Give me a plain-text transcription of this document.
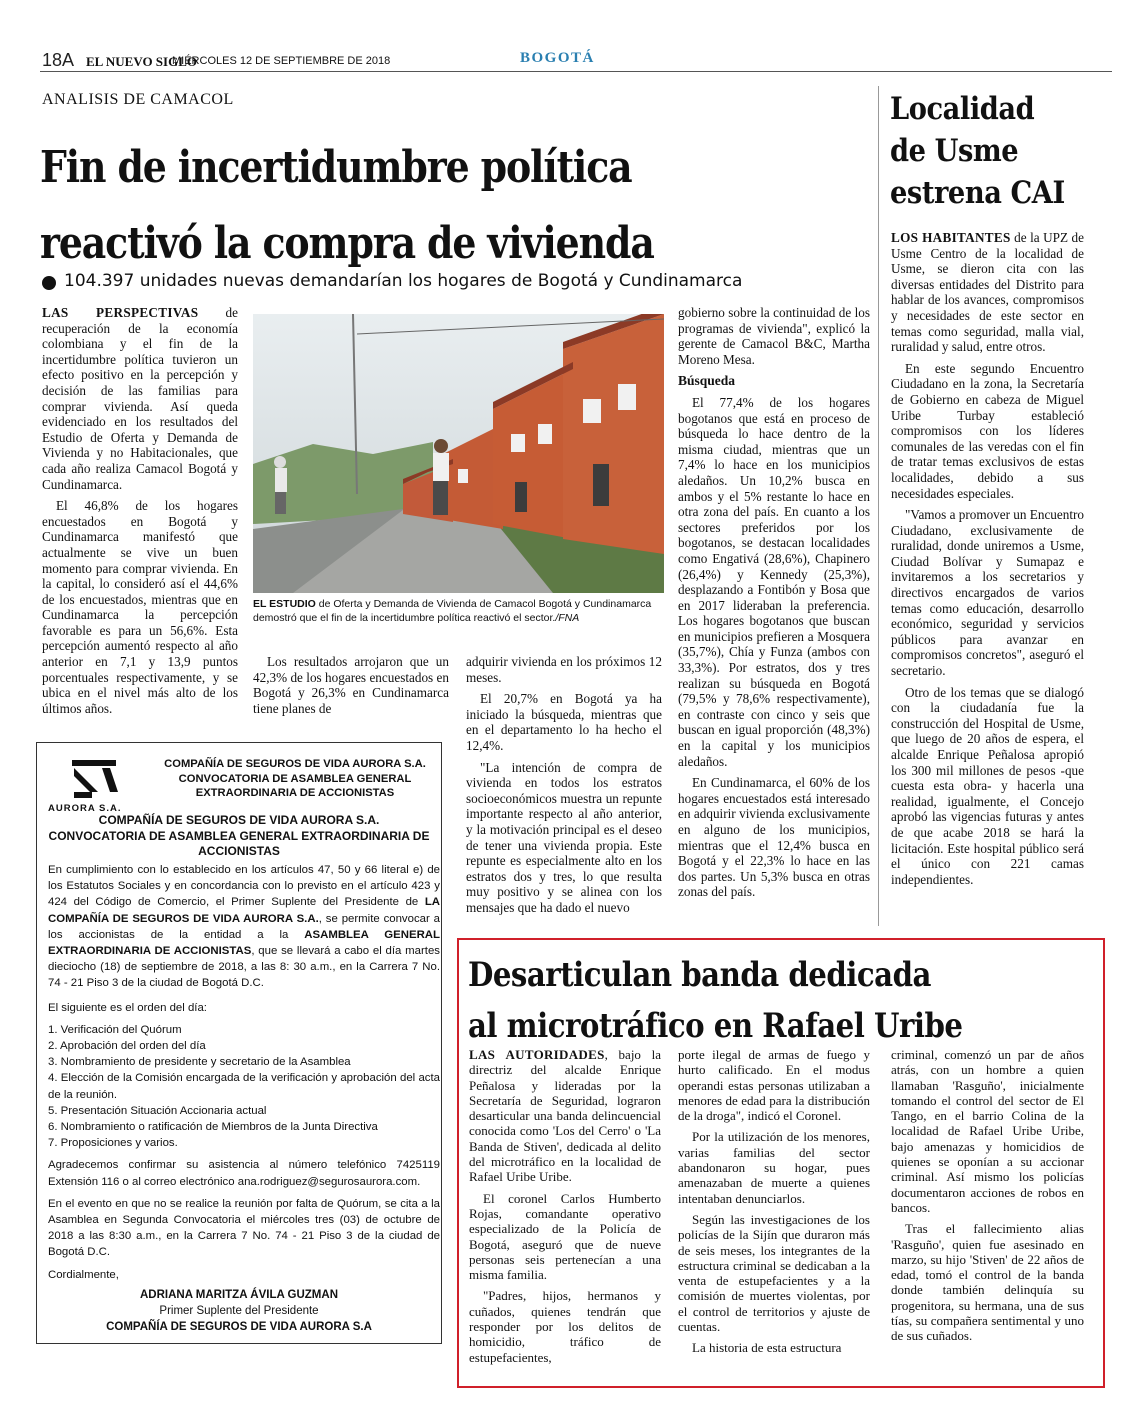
18A EL NUEVO SIGLO
MIÉRCOLES 12 DE SEPTIEMBRE DE 2018	BOGOTÁ
ANALISIS DE CAMACOL
Fin de incertidumbre política
reactivó la compra de vivienda
104.397 unidades nuevas demandarían los hogares de Bogotá y Cundinamarca

LAS PERSPECTIVAS de recuperación de la economía colombiana y el fin de la incertidumbre política tuvieron un efecto positivo en la percepción y decisión de las familias para comprar vivienda. Así queda evidenciado en los resultados del Estudio de Oferta y Demanda de Vivienda y no Habitacionales, que cada año realiza Camacol Bogotá y Cundinamarca.

El 46,8% de los hogares encuestados en Bogotá y Cundinamarca manifestó que actualmente se vive un buen momento para comprar vivienda. En la capital, lo consideró así el 44,6% de los encuestados, mientras que en Cundinamarca la percepción favorable es para un 56,6%. Esta percepción aumentó respecto al año anterior en 7,1 y 13,9 puntos porcentuales respectivamente, y se ubica en el nivel más alto de los últimos años.

EL ESTUDIO de Oferta y Demanda de Vivienda de Camacol Bogotá y Cundinamarca demostró que el fin de la incertidumbre política reactivó el sector./FNA

Los resultados arrojaron que un 42,3% de los hogares encuestados en Bogotá y 26,3% en Cundinamarca tiene planes de

adquirir vivienda en los próximos 12 meses.

El 20,7% en Bogotá ya ha iniciado la búsqueda, mientras que en el departamento lo ha hecho el 12,4%.

"La intención de compra de vivienda en todos los estratos socioeconómicos muestra un repunte importante respecto al año anterior, y la motivación principal es el deseo de tener una vivienda propia. Este repunte es especialmente alto en los estratos dos y tres, lo que resulta muy positivo y se alinea con los mensajes que ha dado el nuevo

gobierno sobre la continuidad de los programas de vivienda", explicó la gerente de Camacol B&C, Martha Moreno Mesa.

Búsqueda

El 77,4% de los hogares bogotanos que está en proceso de búsqueda lo hace dentro de la misma ciudad, mientras que un 7,4% lo hace en los municipios aledaños. Un 10,2% busca en ambos y el 5% restante lo hace en otra zona del país. En cuanto a los sectores preferidos por los bogotanos, se destacan localidades como Engativá (28,6%), Chapinero (26,4%) y Kennedy (25,3%), desplazando a Fontibón y Bosa que en 2017 lideraban la preferencia. Los hogares bogotanos que buscan en municipios prefieren a Mosquera (35,7%), Chía y Funza (ambos con 33,3%). Por estratos, dos y tres realizan su búsqueda en Bogotá (79,5% y 78,6% respectivamente), en contraste con cinco y seis que buscan en igual proporción (48,3%) en la capital y los municipios aledaños.

En Cundinamarca, el 60% de los hogares encuestados está interesado en adquirir vivienda exclusivamente en alguno de los municipios, mientras que el 12,4% busca en Bogotá y el 22,3% lo hace en las dos partes. Un 5,3% busca en otras zonas del país.

Localidad
de Usme
estrena CAI

LOS HABITANTES de la UPZ de Usme Centro de la localidad de Usme, se dieron cita con las diversas entidades del Distrito para hablar de los avances, compromisos y necesidades de este sector en temas como seguridad, malla vial, ruralidad y salud, entre otros.

En este segundo Encuentro Ciudadano en la zona, la Secretaría de Gobierno en cabeza de Miguel Uribe Turbay estableció compromisos con los líderes comunales de las veredas con el fin de tratar temas exclusivos de estas localidades, debido a sus necesidades especiales.

"Vamos a promover un Encuentro Ciudadano, exclusivamente de ruralidad, donde uniremos a Usme, Ciudad Bolívar y Sumapaz e invitaremos a los secretarios y directivos encargados de varios temas como educación, desarrollo económico, seguridad y servicios públicos para avanzar en compromisos concretos", aseguró el secretario.

Otro de los temas que se dialogó con la ciudadanía fue la construcción del Hospital de Usme, que luego de 20 años de espera, el alcalde Enrique Peñalosa apropió los 300 mil millones de pesos -que cuesta esta obra- y hacerla una realidad, igualmente, el Concejo aprobó las vigencias futuras y antes de que acabe 2018 se hará la licitación. Este hospital público será el único con 221 camas independientes.

AURORA S.A.
COMPAÑÍA DE SEGUROS DE VIDA AURORA S.A.
CONVOCATORIA DE ASAMBLEA GENERAL
EXTRAORDINARIA DE ACCIONISTAS
COMPAÑÍA DE SEGUROS DE VIDA AURORA S.A.
CONVOCATORIA DE ASAMBLEA GENERAL EXTRAORDINARIA DE
ACCIONISTAS
En cumplimiento con lo establecido en los artículos 47, 50 y 66 literal e) de los Estatutos Sociales y en concordancia con lo previsto en el artículo 423 y 424 del Código de Comercio, el Primer Suplente del Presidente de LA COMPAÑÍA DE SEGUROS DE VIDA AURORA S.A., se permite convocar a los accionistas de la entidad a la ASAMBLEA GENERAL EXTRAORDINARIA DE ACCIONISTAS, que se llevará a cabo el día martes dieciocho (18) de septiembre de 2018, a las 8: 30 a.m., en la Carrera 7 No. 74 - 21 Piso 3 de la ciudad de Bogotá D.C.
El siguiente es el orden del día:
1. Verificación del Quórum
2. Aprobación del orden del día
3. Nombramiento de presidente y secretario de la Asamblea
4. Elección de la Comisión encargada de la verificación y aprobación del acta de la reunión.
5. Presentación Situación Accionaria actual
6. Nombramiento o ratificación de Miembros de la Junta Directiva
7. Proposiciones y varios.
Agradecemos confirmar su asistencia al número telefónico 7425119 Extensión 116 o al correo electrónico ana.rodriguez@segurosaurora.com.
En el evento en que no se realice la reunión por falta de Quórum, se cita a la Asamblea en Segunda Convocatoria el miércoles tres (03) de octubre de 2018 a las 8:30 a.m., en la Carrera 7 No. 74 - 21 Piso 3 de la ciudad de Bogotá D.C.
Cordialmente,
ADRIANA MARITZA ÁVILA GUZMAN
Primer Suplente del Presidente
COMPAÑÍA DE SEGUROS DE VIDA AURORA S.A
Desarticulan banda dedicada
al microtráfico en Rafael Uribe

LAS AUTORIDADES, bajo la directriz del alcalde Enrique Peñalosa y lideradas por la Secretaría de Seguridad, lograron desarticular una banda delincuencial conocida como 'Los del Cerro' o 'La Banda de Stiven', dedicada al delito del microtráfico en la localidad de Rafael Uribe Uribe.

El coronel Carlos Humberto Rojas, comandante operativo especializado de la Policía de Bogotá, aseguró que de nueve personas seis pertenecían a una misma familia.

"Padres, hijos, hermanos y cuñados, quienes tendrán que responder por los delitos de homicidio, tráfico de estupefacientes,

porte ilegal de armas de fuego y hurto calificado. En el modus operandi estas personas utilizaban a menores de edad para la distribución de la droga", indicó el Coronel.

Por la utilización de los menores, varias familias del sector abandonaron su hogar, pues amenazaban de muerte a quienes intentaban denunciarlos.

Según las investigaciones de los policías de la Sijín que duraron más de seis meses, los integrantes de la estructura criminal se dedicaban a la venta de estupefacientes y a la comisión de muertes violentas, por el control de territorios y ajuste de cuentas.

La historia de esta estructura

criminal, comenzó un par de años atrás, con un hombre a quien llamaban 'Rasguño', inicialmente tomando el control del sector de El Tango, en el barrio Colina de la localidad de Rafael Uribe Uribe, bajo amenazas y homicidios de quienes se oponían a su accionar criminal. Así mismo los policías documentaron acciones de robos en bancos.

Tras el fallecimiento alias 'Rasguño', quien fue asesinado en marzo, su hijo 'Stiven' de 22 años de edad, tomó el control de la banda donde también delinquía su progenitora, su hermana, una de sus tías, su compañera sentimental y uno de sus cuñados.
